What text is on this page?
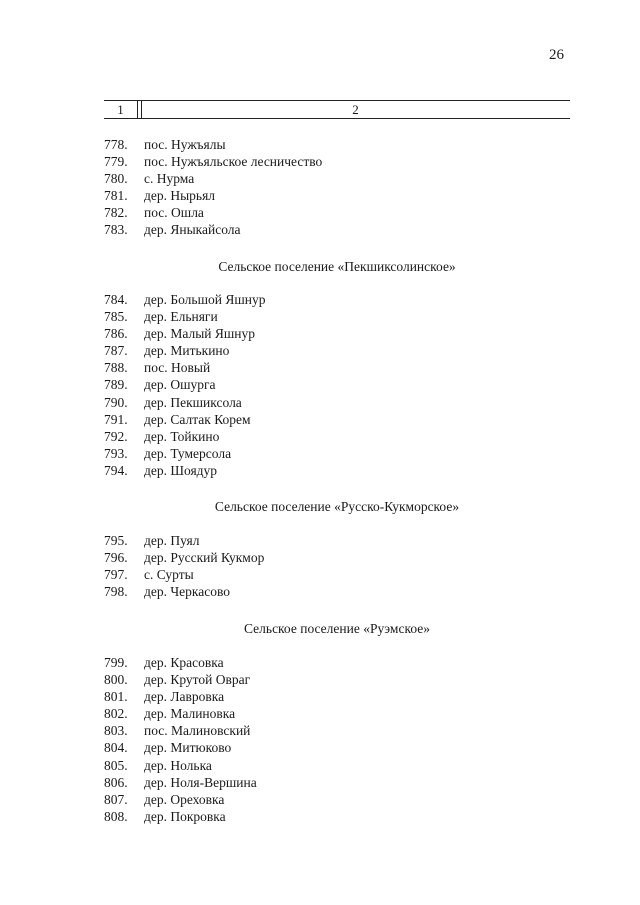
26
1	2
778.	пос. Нужъялы
779.	пос. Нужъяльское лесничество
780.	с. Нурма
781.	дер. Нырьял
782.	пос. Ошла
783.	дер. Яныкайсола
Сельское поселение «Пекшиксолинское»
784.	дер. Большой Яшнур
785.	дер. Ельняги
786.	дер. Малый Яшнур
787.	дер. Митькино
788.	пос. Новый
789.	дер. Ошурга
790.	дер. Пекшиксола
791.	дер. Салтак Корем
792.	дер. Тойкино
793.	дер. Тумерсола
794.	дер. Шоядур
Сельское поселение «Русско-Кукморское»
795.	дер. Пуял
796.	дер. Русский Кукмор
797.	с. Сурты
798.	дер. Черкасово
Сельское поселение «Руэмское»
799.	дер. Красовка
800.	дер. Крутой Овраг
801.	дер. Лавровка
802.	дер. Малиновка
803.	пос. Малиновский
804.	дер. Митюково
805.	дер. Нолька
806.	дер. Ноля-Вершина
807.	дер. Ореховка
808.	дер. Покровка
